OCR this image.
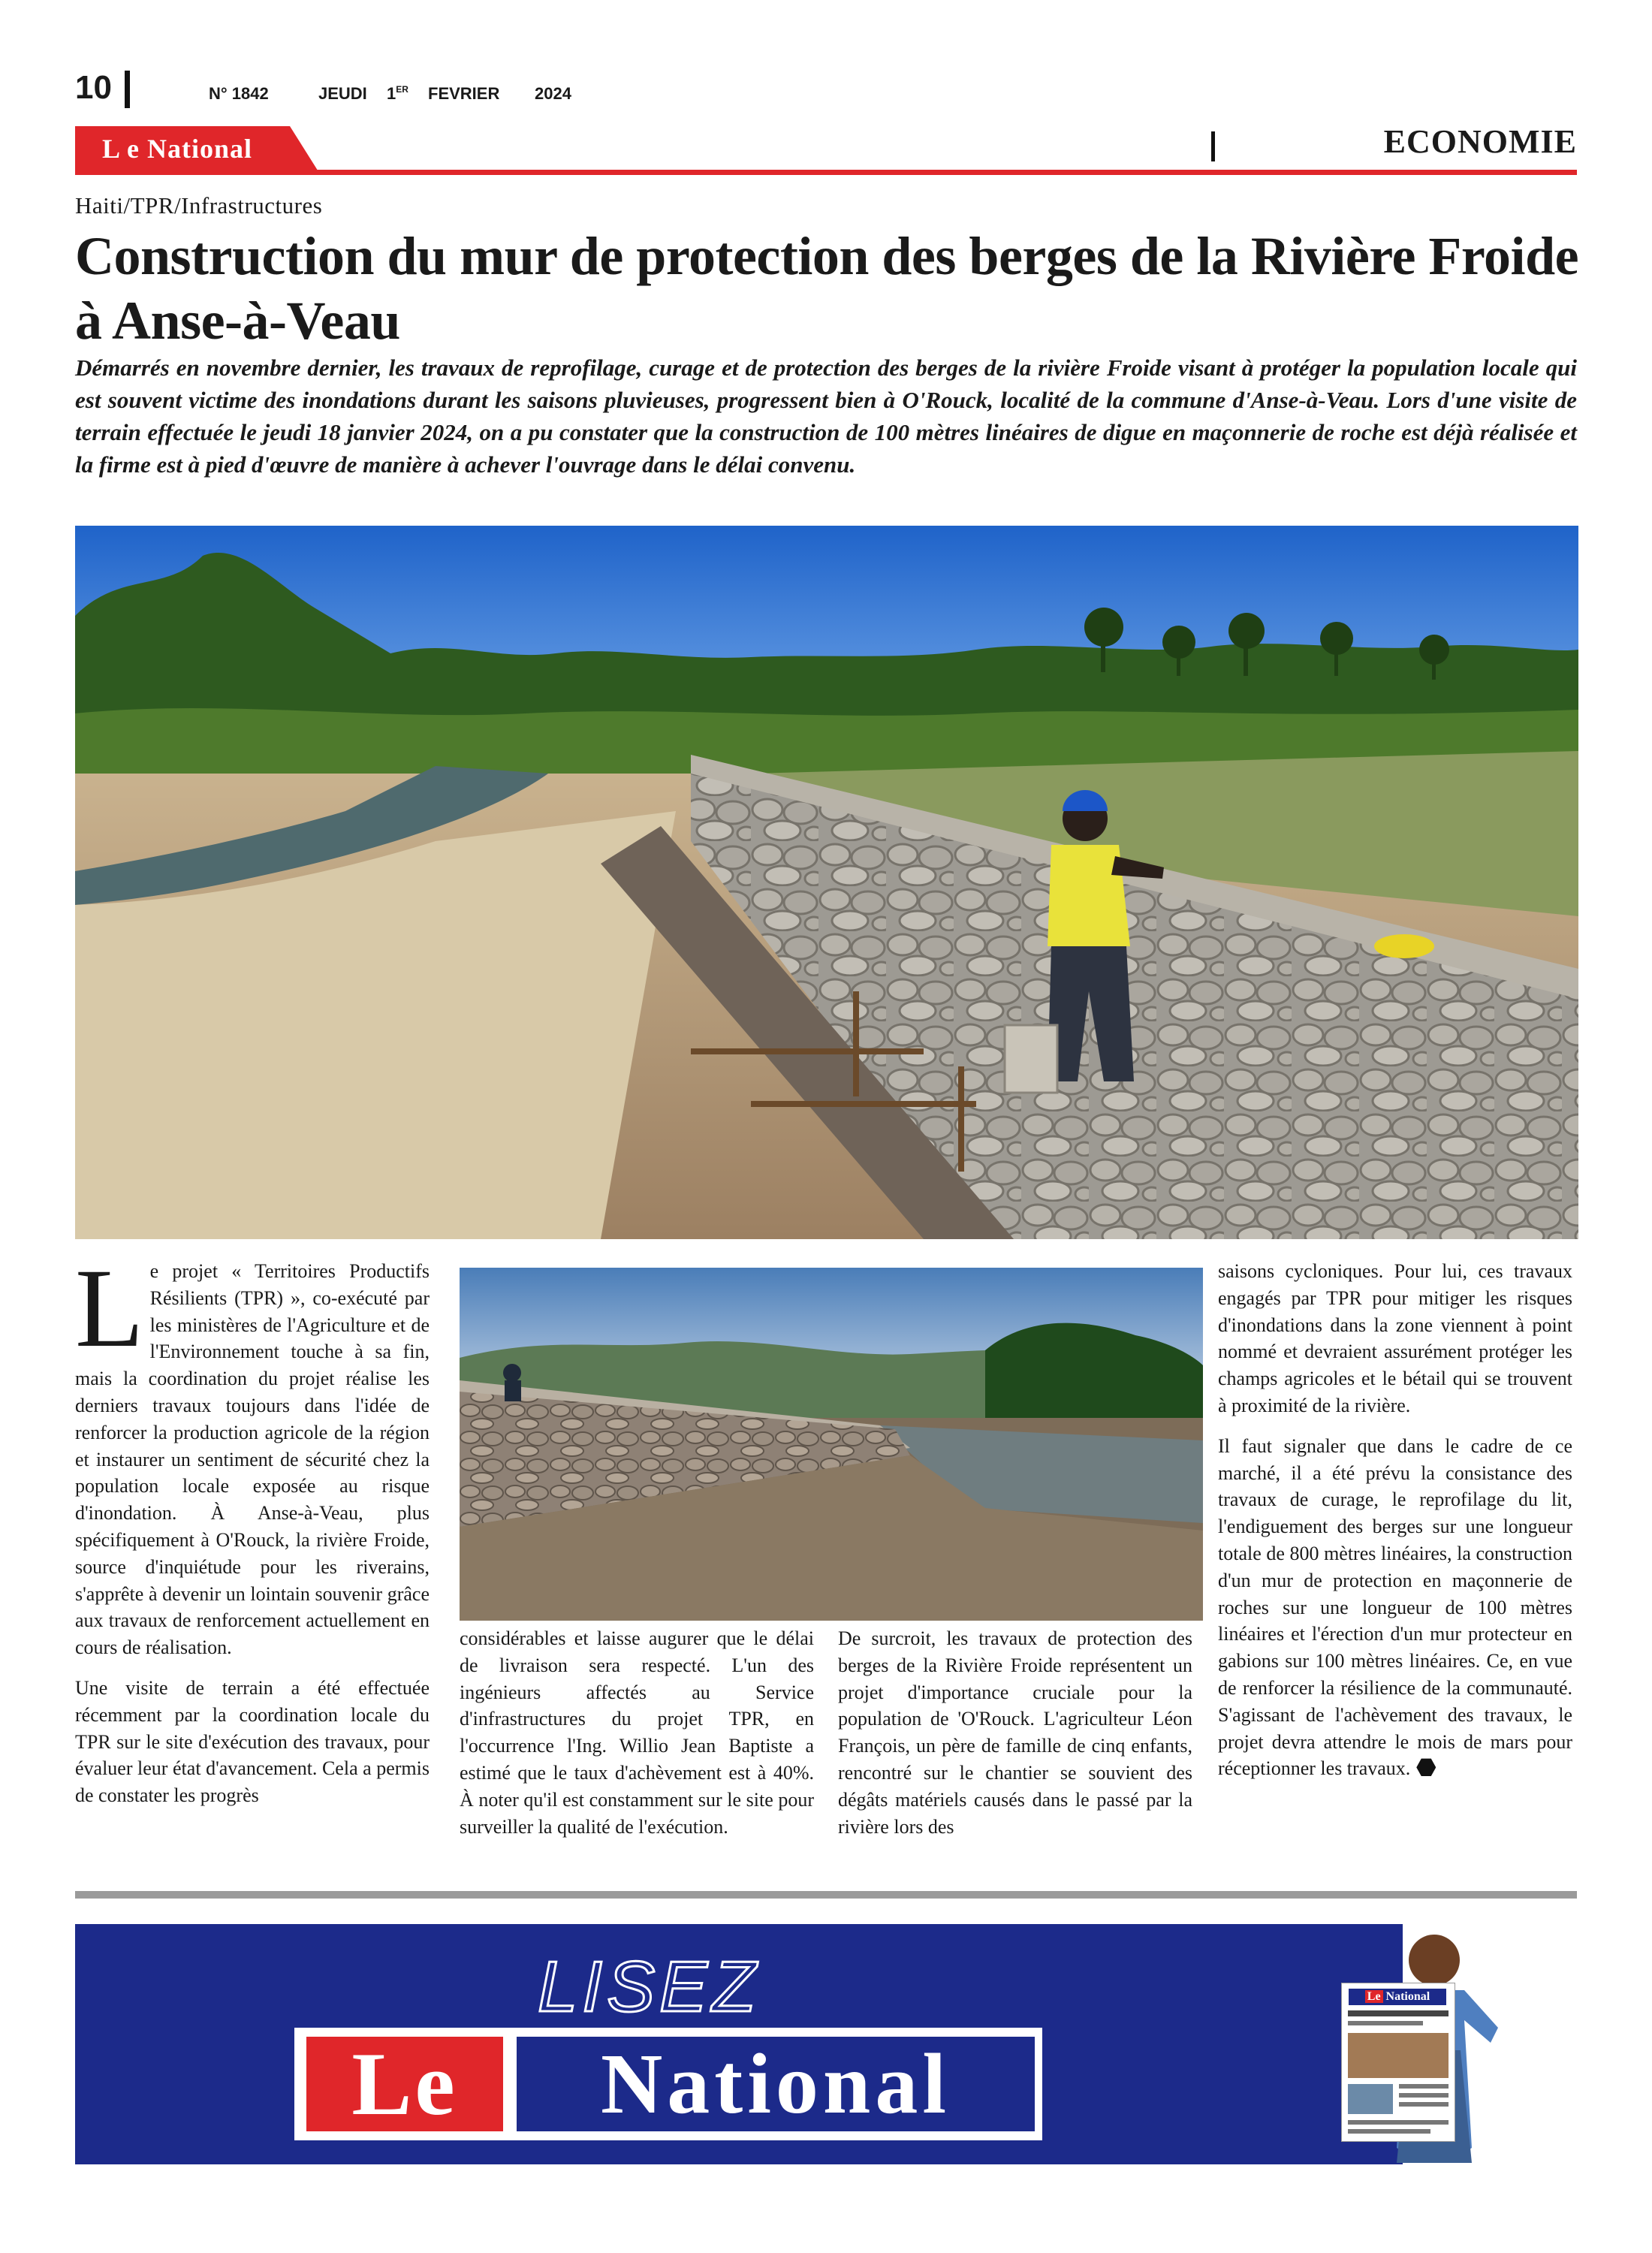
10	N° 1842	JEUDI 1ER FEVRIER 2024
L e National	ECONOMIE
Haiti/TPR/Infrastructures
Construction du mur de protection des berges de la Rivière Froide à Anse-à-Veau
Démarrés en novembre dernier, les travaux de reprofilage, curage et de protection des berges de la rivière Froide visant à protéger la population locale qui est souvent victime des inondations durant les saisons pluvieuses, progressent bien à O'Rouck, localité de la commune d'Anse-à-Veau. Lors d'une visite de terrain effectuée le jeudi 18 janvier 2024, on a pu constater que la construction de 100 mètres linéaires de digue en maçonnerie de roche est déjà réalisée et la firme est à pied d'œuvre de manière à achever l'ouvrage dans le délai convenu.

Le projet « Territoires Productifs Résilients (TPR) », co-exécuté par les ministères de l'Agriculture et de l'Environnement touche à sa fin, mais la coordination du projet réalise les derniers travaux toujours dans l'idée de renforcer la production agricole de la région et instaurer un sentiment de sécurité chez la population locale exposée au risque d'inondation. À Anse-à-Veau, plus spécifiquement à O'Rouck, la rivière Froide, source d'inquiétude pour les riverains, s'apprête à devenir un lointain souvenir grâce aux travaux de renforcement actuellement en cours de réalisation.

Une visite de terrain a été effectuée récemment par la coordination locale du TPR sur le site d'exécution des travaux, pour évaluer leur état d'avancement. Cela a permis de constater les progrès

considérables et laisse augurer que le délai de livraison sera respecté. L'un des ingénieurs affectés au Service d'infrastructures du projet TPR, en l'occurrence l'Ing. Willio Jean Baptiste a estimé que le taux d'achèvement est à 40%. À noter qu'il est constamment sur le site pour surveiller la qualité de l'exécution.

De surcroit, les travaux de protection des berges de la Rivière Froide représentent un projet d'importance cruciale pour la population de 'O'Rouck. L'agriculteur Léon François, un père de famille de cinq enfants, rencontré sur le chantier se souvient des dégâts matériels causés dans le passé par la rivière lors des

saisons cycloniques. Pour lui, ces travaux engagés par TPR pour mitiger les risques d'inondations dans la zone viennent à point nommé et devraient assurément protéger les champs agricoles et le bétail qui se trouvent à proximité de la rivière.

Il faut signaler que dans le cadre de ce marché, il a été prévu la consistance des travaux de curage, le reprofilage du lit, l'endiguement des berges sur une longueur totale de 800 mètres linéaires, la construction d'un mur de protection en maçonnerie de roches sur une longueur de 100 mètres linéaires et l'érection d'un mur protecteur en gabions sur 100 mètres linéaires. Ce, en vue de renforcer la résilience de la communauté. S'agissant de l'achèvement des travaux, le projet devra attendre le mois de mars pour réceptionner les travaux.

LISEZ
Le	National
Le National
